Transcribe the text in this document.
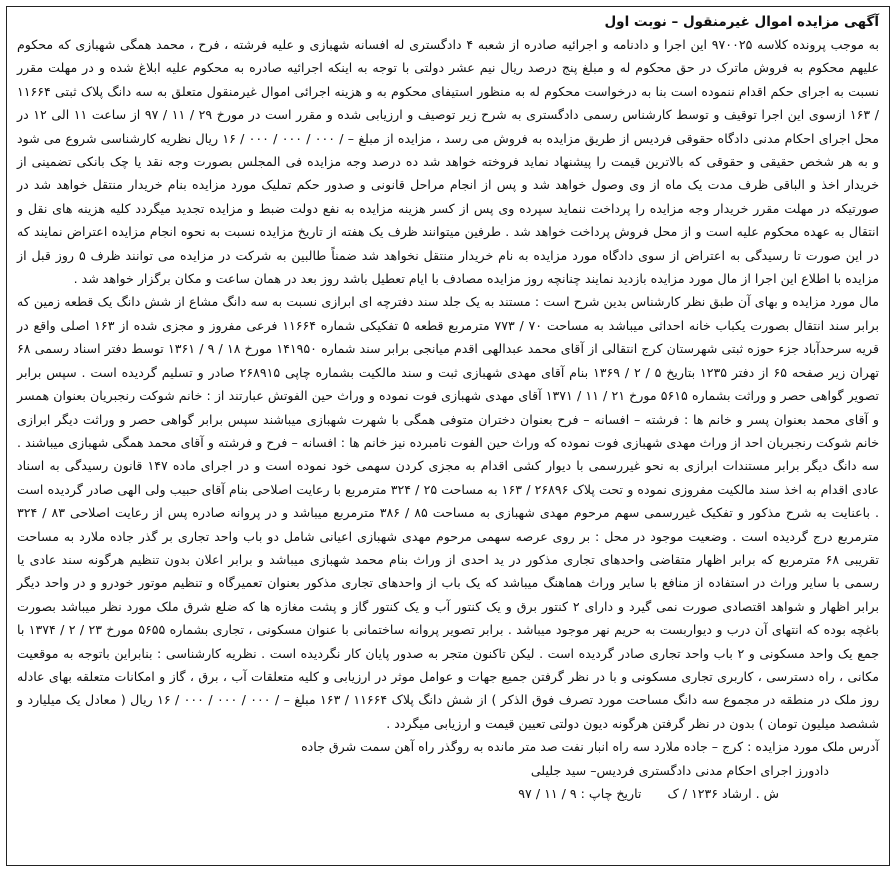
آگهی مزایده اموال غیرمنقول – نوبت اول

به موجب پرونده کلاسه ۹۷۰۰۲۵ این اجرا و دادنامه و اجرائیه صادره از شعبه ۴ دادگستری له افسانه شهبازی و علیه فرشته ، فرح ، محمد همگی شهبازی که محکوم علیهم محکوم به فروش ماترک در حق محکوم له و مبلغ پنج درصد ریال نیم عشر دولتی با توجه به اینکه اجرائیه صادره به محکوم علیه ابلاغ شده و در مهلت مقرر نسبت به اجرای حکم اقدام ننموده است بنا به درخواست محکوم له به منظور استیفای محکوم به و هزینه اجرائی اموال غیرمنقول متعلق به سه دانگ پلاک ثبتی ۱۱۶۶۴ / ۱۶۳ ازسوی این اجرا توقیف و توسط کارشناس رسمی دادگستری به شرح زیر توصیف و ارزیابی شده و مقرر است در مورخ ۲۹ / ۱۱ / ۹۷ از ساعت ۱۱ الی ۱۲ در محل اجرای احکام مدنی دادگاه حقوقی فردیس از طریق مزایده به فروش می رسد ، مزایده از مبلغ – / ۰۰۰ / ۰۰۰ / ۰۰۰ / ۱۶ ریال نظریه کارشناسی شروع می شود و به هر شخص حقیقی و حقوقی که بالاترین قیمت را پیشنهاد نماید فروخته خواهد شد ده درصد وجه مزایده فی المجلس بصورت وجه نقد یا چک بانکی تضمینی از خریدار اخذ و الباقی ظرف مدت یک ماه از وی وصول خواهد شد و پس از انجام مراحل قانونی و صدور حکم تملیک مورد مزایده بنام خریدار منتقل خواهد شد در صورتیکه در مهلت مقرر خریدار وجه مزایده را پرداخت ننماید سپرده وی پس از کسر هزینه مزایده به نفع دولت ضبط و مزایده تجدید میگردد کلیه هزینه های نقل و انتقال به عهده محکوم علیه است و از محل فروش پرداخت خواهد شد . طرفین میتوانند ظرف یک هفته از تاریخ مزایده نسبت به نحوه انجام مزایده اعتراض نمایند که در این صورت تا رسیدگی به اعتراض از سوی دادگاه مورد مزایده به نام خریدار منتقل نخواهد شد ضمناً طالبین به شرکت در مزایده می توانند ظرف ۵ روز قبل از مزایده با اطلاع این اجرا از مال مورد مزایده بازدید نمایند چنانچه روز مزایده مصادف با ایام تعطیل باشد روز بعد در همان ساعت و مکان برگزار خواهد شد .

مال مورد مزایده و بهای آن طبق نظر کارشناس بدین شرح است : مستند به یک جلد سند دفترچه ای ابرازی نسبت به سه دانگ مشاع از شش دانگ یک قطعه زمین که برابر سند انتقال بصورت یکباب خانه احداثی میباشد به مساحت ۷۰ / ۷۷۳ مترمربع قطعه ۵ تفکیکی شماره ۱۱۶۶۴ فرعی مفروز و مجزی شده از ۱۶۳ اصلی واقع در قریه سرحدآباد جزء حوزه ثبتی شهرستان کرج انتقالی از آقای محمد عبدالهی اقدم میانجی برابر سند شماره ۱۴۱۹۵۰ مورخ ۱۸ / ۹ / ۱۳۶۱ توسط دفتر اسناد رسمی ۶۸ تهران زیر صفحه ۶۵ از دفتر ۱۲۳۵ بتاریخ ۵ / ۲ / ۱۳۶۹ بنام آقای مهدی شهبازی ثبت و سند مالکیت بشماره چاپی ۲۶۸۹۱۵ صادر و تسلیم گردیده است . سپس برابر تصویر گواهی حصر و وراثت بشماره ۵۶۱۵ مورخ ۲۱ / ۱۱ / ۱۳۷۱ آقای مهدی شهبازی فوت نموده و وراث حین الفوتش عبارتند از : خانم شوکت رنجبریان بعنوان همسر و آقای محمد بعنوان پسر و خانم ها : فرشته – افسانه – فرح بعنوان دختران متوفی همگی با شهرت شهبازی میباشند سپس برابر گواهی حصر و وراثت دیگر ابرازی خانم شوکت رنجبریان احد از وراث مهدی شهبازی فوت نموده که وراث حین الفوت نامبرده نیز خانم ها : افسانه – فرح و فرشته و آقای محمد همگی شهبازی میباشند . سه دانگ دیگر برابر مستندات ابرازی به نحو غیررسمی با دیوار کشی اقدام به مجزی کردن سهمی خود نموده است و در اجرای ماده ۱۴۷ قانون رسیدگی به اسناد عادی اقدام به اخذ سند مالکیت مفروزی نموده و تحت پلاک ۲۶۸۹۶ / ۱۶۳ به مساحت ۲۵ / ۳۲۴ مترمربع با رعایت اصلاحی بنام آقای حبیب ولی الهی صادر گردیده است . باعنایت به شرح مذکور و تفکیک غیررسمی سهم مرحوم مهدی شهبازی به مساحت ۸۵ / ۳۸۶ مترمربع میباشد و در پروانه صادره پس از رعایت اصلاحی ۸۳ / ۳۲۴ مترمربع درج گردیده است . وضعیت موجود در محل : بر روی عرصه سهمی مرحوم مهدی شهبازی اعیانی شامل دو باب واحد تجاری بر گذر جاده ملارد به مساحت تقریبی ۶۸ مترمربع که برابر اظهار متقاضی واحدهای تجاری مذکور در ید احدی از وراث بنام محمد شهبازی میباشد و برابر اعلان بدون تنظیم هرگونه سند عادی یا رسمی با سایر وراث در استفاده از منافع با سایر وراث هماهنگ میباشد که یک باب از واحدهای تجاری مذکور بعنوان تعمیرگاه و تنظیم موتور خودرو و در واحد دیگر برابر اظهار و شواهد اقتصادی صورت نمی گیرد و دارای ۲ کنتور برق و یک کنتور آب و یک کنتور گاز و پشت مغازه ها که ضلع شرق ملک مورد نظر میباشد بصورت باغچه بوده که انتهای آن درب و دیواربست به حریم نهر موجود میباشد . برابر تصویر پروانه ساختمانی با عنوان مسکونی ، تجاری بشماره ۵۶۵۵ مورخ ۲۳ / ۲ / ۱۳۷۴ با جمع یک واحد مسکونی و ۲ باب واحد تجاری صادر گردیده است . لیکن تاکنون متجر به صدور پایان کار نگردیده است . نظریه کارشناسی : بنابراین باتوجه به موقعیت مکانی ، راه دسترسی ، کاربری تجاری مسکونی و با در نظر گرفتن جمیع جهات و عوامل موثر در ارزیابی و کلیه متعلقات آب ، برق ، گاز و امکانات متعلقه بهای عادله روز ملک در منطقه در مجموع سه دانگ مساحت مورد تصرف فوق الذکر ) از شش دانگ پلاک ۱۱۶۶۴ / ۱۶۳ مبلغ – / ۰۰۰ / ۰۰۰ / ۰۰۰ / ۱۶ ریال ( معادل یک میلیارد و ششصد میلیون تومان ) بدون در نظر گرفتن هرگونه دیون دولتی تعیین قیمت و ارزیابی میگردد .

آدرس ملک مورد مزایده : کرج – جاده ملارد سه راه انبار نفت صد متر مانده به روگذر راه آهن سمت شرق جاده

دادورز اجرای احکام مدنی دادگستری فردیس– سید جلیلی
ش . ارشاد ۱۲۳۶ / ک تاریخ چاپ : ۹ / ۱۱ / ۹۷
